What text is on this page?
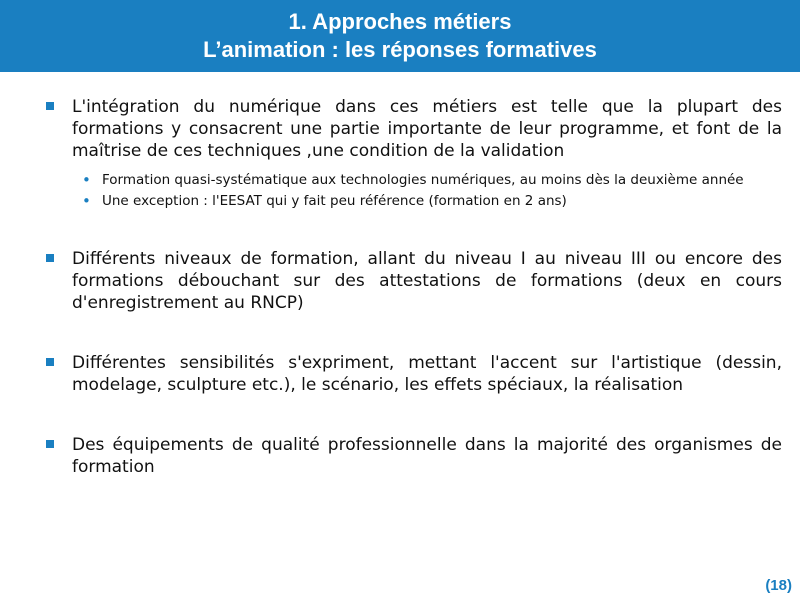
1. Approches métiers
L’animation : les réponses formatives
L'intégration du numérique dans ces métiers est telle que la plupart des formations y consacrent une partie importante de leur programme, et font de la maîtrise de ces techniques ,une condition de la validation
• Formation quasi-systématique aux technologies numériques, au moins dès la deuxième année
• Une exception : l'EESAT qui y fait peu référence (formation en 2 ans)
Différents niveaux de formation, allant du niveau I au niveau III ou encore des formations débouchant sur des attestations de formations (deux en cours d'enregistrement au RNCP)
Différentes sensibilités s'expriment, mettant l'accent sur l'artistique (dessin, modelage, sculpture etc.), le scénario, les effets spéciaux, la réalisation
Des équipements de qualité professionnelle dans la majorité des organismes de formation
(18)
